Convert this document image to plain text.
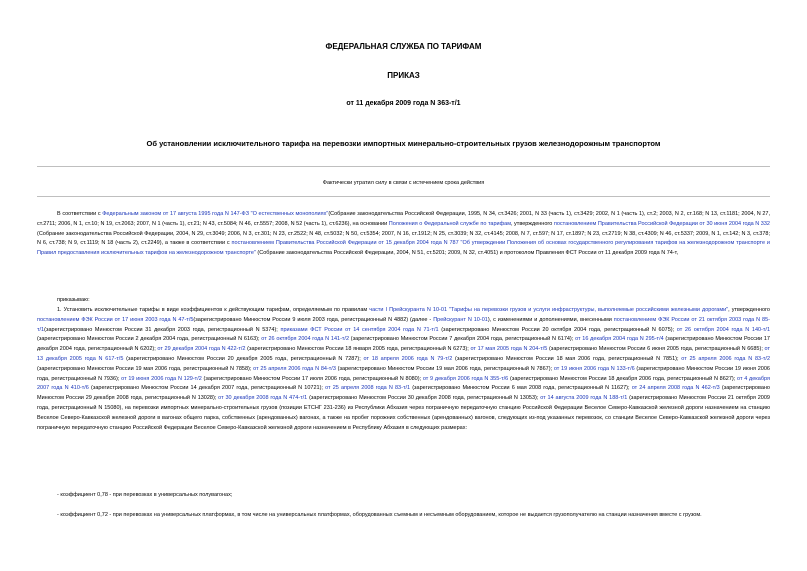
ФЕДЕРАЛЬНАЯ СЛУЖБА ПО ТАРИФАМ
ПРИКАЗ
от 11 декабря 2009 года N 363-т/1
Об установлении исключительного тарифа на перевозки импортных минерально-строительных грузов железнодорожным транспортом
Фактически утратил силу в связи с истечением срока действия
В соответствии с Федеральным законом от 17 августа 1995 года N 147-ФЗ "О естественных монополиях"(Собрание законодательства Российской Федерации, 1995, N 34, ст.3426; 2001, N 33 (часть 1), ст.3429; 2002, N 1 (часть 1), ст.2; 2003, N 2, ст.168; N 13, ст.1181; 2004, N 27, ст.2711; 2006, N 1, ст.10; N 19, ст.2063; 2007, N 1 (часть 1), ст.21; N 43, ст.5084; N 46, ст.5557; 2008, N 52 (часть 1), ст.6236), на основании Положения о Федеральной службе по тарифам, утвержденного постановлением Правительства Российской Федерации от 30 июня 2004 года N 332 (Собрание законодательства Российской Федерации, 2004, N 29, ст.3049; 2006, N 3, ст.301; N 23, ст.2522; N 48, ст.5032; N 50, ст.5354; 2007, N 16, ст.1912; N 25, ст.3039; N 32, ст.4145; 2008, N 7, ст.597; N 17, ст.1897; N 23, ст.2719; N 38, ст.4309; N 46, ст.5337; 2009, N 1, ст.142; N 3, ст.378; N 6, ст.738; N 9, ст.1119; N 18 (часть 2), ст.2249), а также в соответствии с постановлением Правительства Российской Федерации от 15 декабря 2004 года N 787 "Об утверждении Положения об основах государственного регулирования тарифов на железнодорожном транспорте и Правил предоставления исключительных тарифов на железнодорожном транспорте" (Собрание законодательства Российской Федерации, 2004, N 51, ст.5201; 2009, N 32, ст.4051) и протоколом Правления ФСТ России от 11 декабря 2009 года N 74-т,
приказываю:
1. Установить исключительные тарифы в виде коэффициентов к действующим тарифам, определяемым по правилам части I Прейскуранта N 10-01 "Тарифы на перевозки грузов и услуги инфраструктуры, выполняемые российскими железными дорогами", утвержденного постановлением ФЭК России от 17 июня 2003 года N 47-т/5(зарегистрировано Минюстом России 9 июля 2003 года, регистрационный N 4882) (далее - Прейскурант N 10-01), с изменениями и дополнениями, внесенными постановлением ФЭК России от 21 октября 2003 года N 85-т/1(зарегистрировано Минюстом России 31 декабря 2003 года, регистрационный N 5374); приказами ФСТ России от 14 сентября 2004 года N 71-т/1 (зарегистрировано Минюстом России 20 октября 2004 года, регистрационный N 6075); от 26 октября 2004 года N 140-т/1 (зарегистрировано Минюстом России 2 декабря 2004 года, регистрационный N 6163); от 26 октября 2004 года N 141-т/2 (зарегистрировано Минюстом России 7 декабря 2004 года, регистрационный N 6174); от 16 декабря 2004 года N 295-т/4 (зарегистрировано Минюстом России 17 декабря 2004 года, регистрационный N 6202); от 29 декабря 2004 года N 422-т/2 (зарегистрировано Минюстом России 18 января 2005 года, регистрационный N 6273); от 17 мая 2005 года N 204-т/5 (зарегистрировано Минюстом России 6 июня 2005 года, регистрационный N 6685); от 13 декабря 2005 года N 617-т/5 (зарегистрировано Минюстом России 20 декабря 2005 года, регистрационный N 7287); от 18 апреля 2006 года N 79-т/2 (зарегистрировано Минюстом России 18 мая 2006 года, регистрационный N 7851); от 25 апреля 2006 года N 83-т/2 (зарегистрировано Минюстом России 19 мая 2006 года, регистрационный N 7858); от 25 апреля 2006 года N 84-т/3 (зарегистрировано Минюстом России 19 мая 2006 года, регистрационный N 7867); от 19 июня 2006 года N 133-т/6 (зарегистрировано Минюстом России 19 июня 2006 года, регистрационный N 7936); от 19 июня 2006 года N 129-т/2 (зарегистрировано Минюстом России 17 июля 2006 года, регистрационный N 8080); от 9 декабря 2006 года N 355-т/6 (зарегистрировано Минюстом России 18 декабря 2006 года, регистрационный N 8627); от 4 декабря 2007 года N 410-т/6 (зарегистрировано Минюстом России 14 декабря 2007 года, регистрационный N 10721); от 25 апреля 2008 года N 83-т/1 (зарегистрировано Минюстом России 6 мая 2008 года, регистрационный N 11627); от 24 апреля 2008 года N 462-т/3 (зарегистрировано Минюстом России 29 декабря 2008 года, регистрационный N 13028); от 30 декабря 2008 года N 474-т/1 (зарегистрировано Минюстом России 30 декабря 2008 года, регистрационный N 13053); от 14 августа 2009 года N 188-т/1 (зарегистрировано Минюстом России 21 октября 2009 года, регистрационный N 15080), на перевозки импортных минерально-строительных грузов (позиции ЕТСНГ 231-236) из Республики Абхазия через пограничную передаточную станцию Российской Федерации Веселое Северо-Кавказской железной дороги назначением на станцию Веселое Северо-Кавказской железной дороги в вагонах общего парка, собственных (арендованных) вагонах, а также на пробег порожних собственных (арендованных) вагонов, следующих из-под указанных перевозок, со станции Веселое Северо-Кавказской железной дороги через пограничную передаточную станцию Российской Федерации Веселое Северо-Кавказской железной дороги назначением в Республику Абхазия в следующих размерах:
- коэффициент 0,78 - при перевозках в универсальных полувагонах;
- коэффициент 0,72 - при перевозках на универсальных платформах, в том числе на универсальных платформах, оборудованных съемным и несъемным оборудованием, которое не выдается грузополучателю на станции назначения вместе с грузом.
